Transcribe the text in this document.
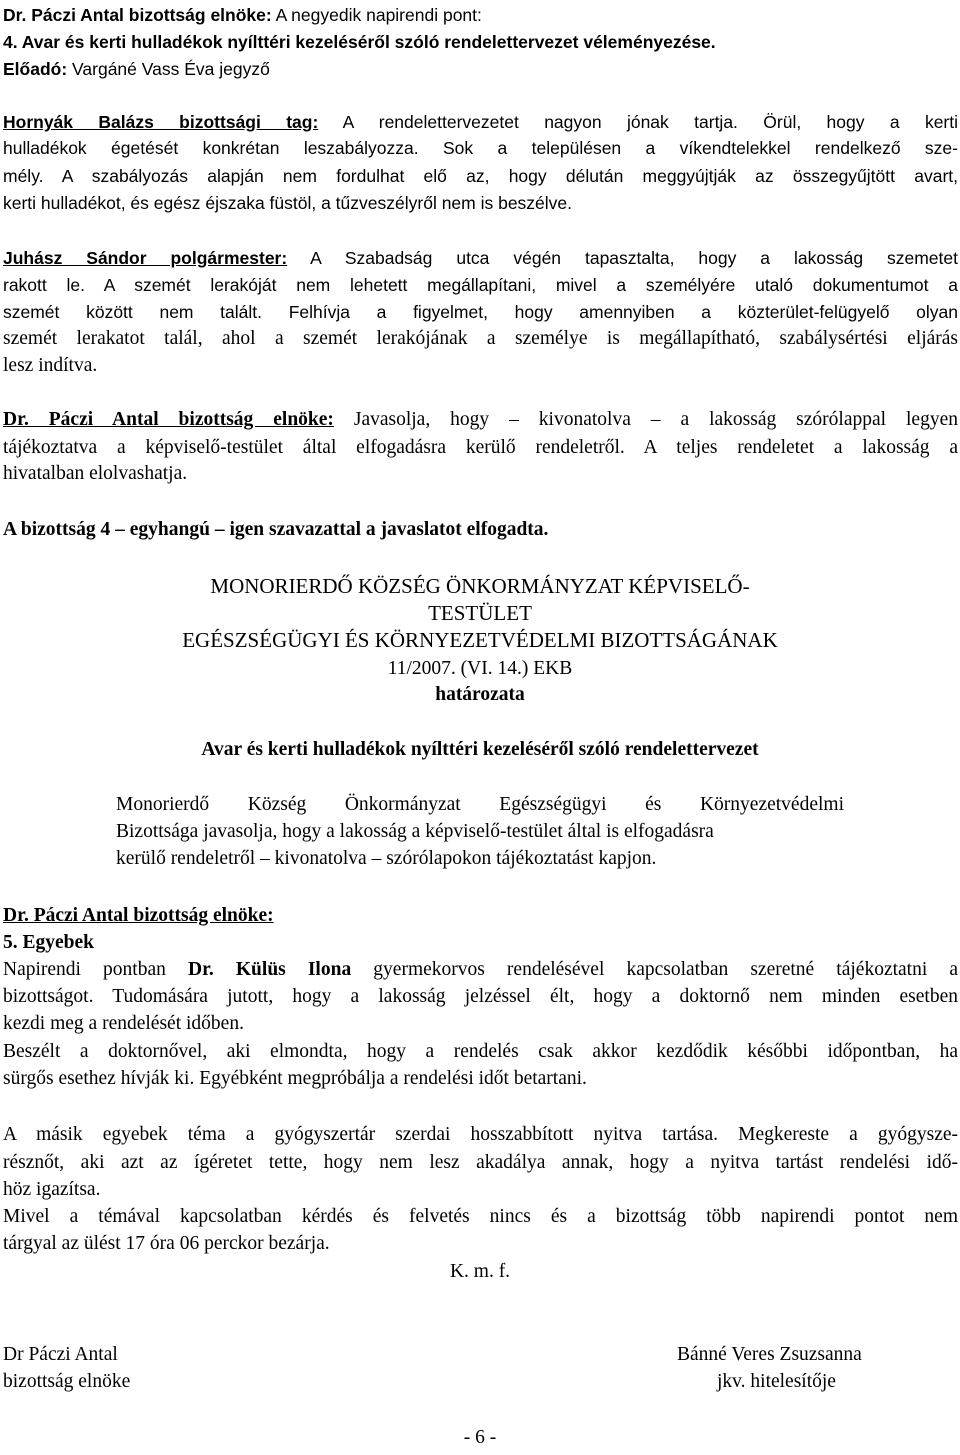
Dr. Páczi Antal bizottság elnöke: A negyedik napirendi pont:

4. Avar és kerti hulladékok nyílttéri kezeléséről szóló rendelettervezet véleményezése.

Előadó: Vargáné Vass Éva jegyző

Hornyák Balázs bizottsági tag: A rendelettervezetet nagyon jónak tartja. Örül, hogy a kerti

hulladékok égetését konkrétan leszabályozza. Sok a településen a víkendtelekkel rendelkező sze-

mély. A szabályozás alapján nem fordulhat elő az, hogy délután meggyújtják az összegyűjtött avart,

kerti hulladékot, és egész éjszaka füstöl, a tűzveszélyről nem is beszélve.

Juhász Sándor polgármester: A Szabadság utca végén tapasztalta, hogy a lakosság szemetet

rakott le. A szemét lerakóját nem lehetett megállapítani, mivel a személyére utaló dokumentumot a

szemét között nem talált. Felhívja a figyelmet, hogy amennyiben a közterület-felügyelő olyan

szemét lerakatot talál, ahol a szemét lerakójának a személye is megállapítható, szabálysértési eljárás

lesz indítva.

Dr. Páczi Antal bizottság elnöke: Javasolja, hogy – kivonatolva – a lakosság szórólappal legyen

tájékoztatva a képviselő-testület által elfogadásra kerülő rendeletről. A teljes rendeletet a lakosság a

hivatalban elolvashatja.

A bizottság 4 – egyhangú – igen szavazattal a javaslatot elfogadta.

MONORIERDŐ KÖZSÉG ÖNKORMÁNYZAT KÉPVISELŐ-

TESTÜLET

EGÉSZSÉGÜGYI ÉS KÖRNYEZETVÉDELMI BIZOTTSÁGÁNAK

11/2007. (VI. 14.) EKB

határozata

Avar és kerti hulladékok nyílttéri kezeléséről szóló rendelettervezet

Monorierdő Község Önkormányzat Egészségügyi és Környezetvédelmi

Bizottsága javasolja, hogy a lakosság a képviselő-testület által is elfogadásra

kerülő rendeletről – kivonatolva – szórólapokon tájékoztatást kapjon.

Dr. Páczi Antal bizottság elnöke:

5. Egyebek

Napirendi pontban Dr. Külüs Ilona gyermekorvos rendelésével kapcsolatban szeretné tájékoztatni a

bizottságot. Tudomására jutott, hogy a lakosság jelzéssel élt, hogy a doktornő nem minden esetben

kezdi meg a rendelését időben.

Beszélt a doktornővel, aki elmondta, hogy a rendelés csak akkor kezdődik későbbi időpontban, ha

sürgős esethez hívják ki. Egyébként megpróbálja a rendelési időt betartani.

A másik egyebek téma a gyógyszertár szerdai hosszabbított nyitva tartása. Megkereste a gyógysze-

résznőt, aki azt az ígéretet tette, hogy nem lesz akadálya annak, hogy a nyitva tartást rendelési idő-

höz igazítsa.

Mivel a témával kapcsolatban kérdés és felvetés nincs és a bizottság több napirendi pontot nem

tárgyal az ülést 17 óra 06 perckor bezárja.

K. m. f.

Dr Páczi Antal

bizottság elnöke

Bánné Veres Zsuzsanna

jkv. hitelesítője

- 6 -
